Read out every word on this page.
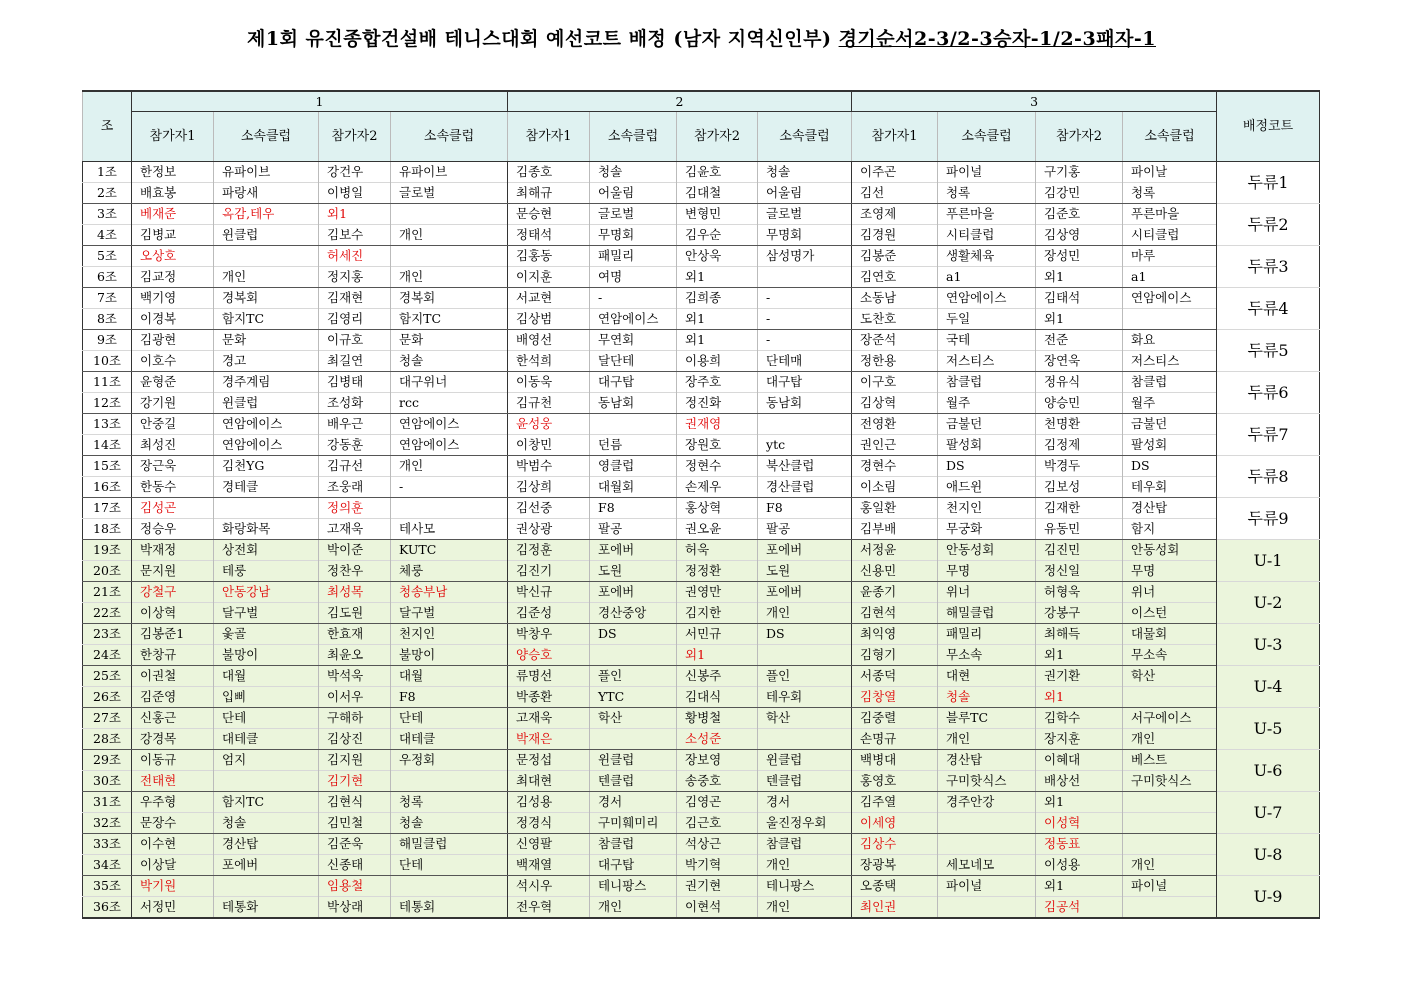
제1회 유진종합건설배 테니스대회 예선코트 배정 (남자 지역신인부) 경기순서2-3/2-3승자-1/2-3패자-1
조	1				2				3				배정코트
	참가자1	소속클럽	참가자2	소속클럽	참가자1	소속클럽	참가자2	소속클럽	참가자1	소속클럽	참가자2	소속클럽	
1조	한정보	유파이브	강건우	유파이브	김종호	청솔	김윤호	청솔	이주곤	파이널	구기홍	파이날	두류1
2조	배효봉	파랑새	이병일	글로벌	최해규	어울림	김대철	어울림	김선	청록	김강민	청록	
3조	베재준	옥감,테우	외1		문승현	글로벌	변형민	글로벌	조영제	푸른마을	김준호	푸른마을	두류2
4조	김병교	윈클럽	김보수	개인	정태석	무명회	김우순	무명회	김경원	시티클럽	김상영	시티클럽	
5조	오상호		허세진		김홍동	패밀리	안상욱	삼성명가	김봉준	생활체육	장성민	마루	두류3
6조	김교정	개인	정지홍	개인	이지훈	여명	외1		김연호	a1	외1	a1	
7조	백기영	경복회	김재현	경복회	서교현	-	김희종	-	소동남	연암에이스	김태석	연암에이스	두류4
8조	이경복	함지TC	김영리	함지TC	김상범	연암에이스	외1	-	도찬호	두일	외1		
9조	김광현	문화	이규호	문화	배영선	무연회	외1	-	장준석	국테	전준	화요	두류5
10조	이호수	경고	최길연	청솔	한석희	달단테	이용희	단테매	정한용	저스티스	장연욱	저스티스	
11조	윤형준	경주계림	김병태	대구위너	이동욱	대구탑	장주호	대구탑	이구호	참클럽	정유식	참클럽	두류6
12조	강기원	윈클럽	조성화	rcc	김규천	동남회	정진화	동남회	김상혁	월주	양승민	월주	
13조	안중길	연암에이스	배우근	연암에이스	윤성웅		권재영		전영환	금불던	천명환	금불던	두류7
14조	최성진	연암에이스	강동훈	연암에이스	이창민	던름	장원호	ytc	권인근	팔성회	김정제	팔성회	
15조	장근욱	김천YG	김규선	개인	박범수	영클럽	정현수	북산클럽	경현수	DS	박경두	DS	두류8
16조	한동수	경테클	조웅래	-	김상희	대월회	손제우	경산클럽	이소림	애드윈	김보성	테우회	
17조	김성곤		정의훈		김선중	F8	홍상혁	F8	홍일환	천지인	김재한	경산탑	두류9
18조	정승우	화랑화목	고재욱	테사모	권상광	팔공	권오윤	팔공	김부배	무궁화	유동민	함지	
19조	박재정	상전회	박이준	KUTC	김정훈	포에버	허욱	포에버	서정윤	안동성회	김진민	안동성회	U-1
20조	문지원	테룽	정찬우	체룽	김진기	도원	정정환	도원	신용민	무명	정신일	무명	
21조	강철구	안동강남	최성목	청송부남	박신규	포에버	권영만	포에버	윤종기	위너	허형욱	위너	U-2
22조	이상혁	달구벌	김도원	달구벌	김준성	경산중앙	김지한	개인	김현석	해밀클럽	강봉구	이스턴	
23조	김봉준1	옻골	한효재	천지인	박창우	DS	서민규	DS	최익영	패밀리	최해득	대물회	U-3
24조	한창규	불망이	최윤오	불망이	양승호		외1		김형기	무소속	외1	무소속	
25조	이권철	대월	박석욱	대월	류명선	플인	신봉주	플인	서종덕	대현	권기환	학산	U-4
26조	김준영	입삐	이서우	F8	박종환	YTC	김대식	테우회	김창열	청솔	외1		
27조	신홍근	단테	구해하	단테	고재욱	학산	황병철	학산	김중렬	블루TC	김학수	서구에이스	U-5
28조	강경목	대테클	김상진	대테클	박재은		소성준		손명규	개인	장지훈	개인	
29조	이동규	엄지	김지원	우정회	문정섭	윈클럽	장보영	윈클럽	백병대	경산탑	이혜대	베스트	U-6
30조	전태현		김기현		최대현	텐클럽	송중호	텐클럽	홍영호	구미핫식스	배상선	구미핫식스	
31조	우주형	함지TC	김현식	청록	김성용	경서	김영곤	경서	김주열	경주안강	외1		U-7
32조	문장수	청솔	김민철	청솔	정경식	구미훼미리	김근호	울진정우회	이세영		이성혁		
33조	이수현	경산탑	김준욱	해밀클럽	신영팔	참클럽	석상근	참클럽	김상수		정동표		U-8
34조	이상달	포에버	신종태	단테	백재열	대구탑	박기혁	개인	장광복	세모네모	이성용	개인	
35조	박기원		임용철		석시우	테니팡스	권기현	테니팡스	오종택	파이널	외1	파이널	U-9
36조	서정민	테통화	박상래	테통회	전우혁	개인	이현석	개인	최인권		김공석		
